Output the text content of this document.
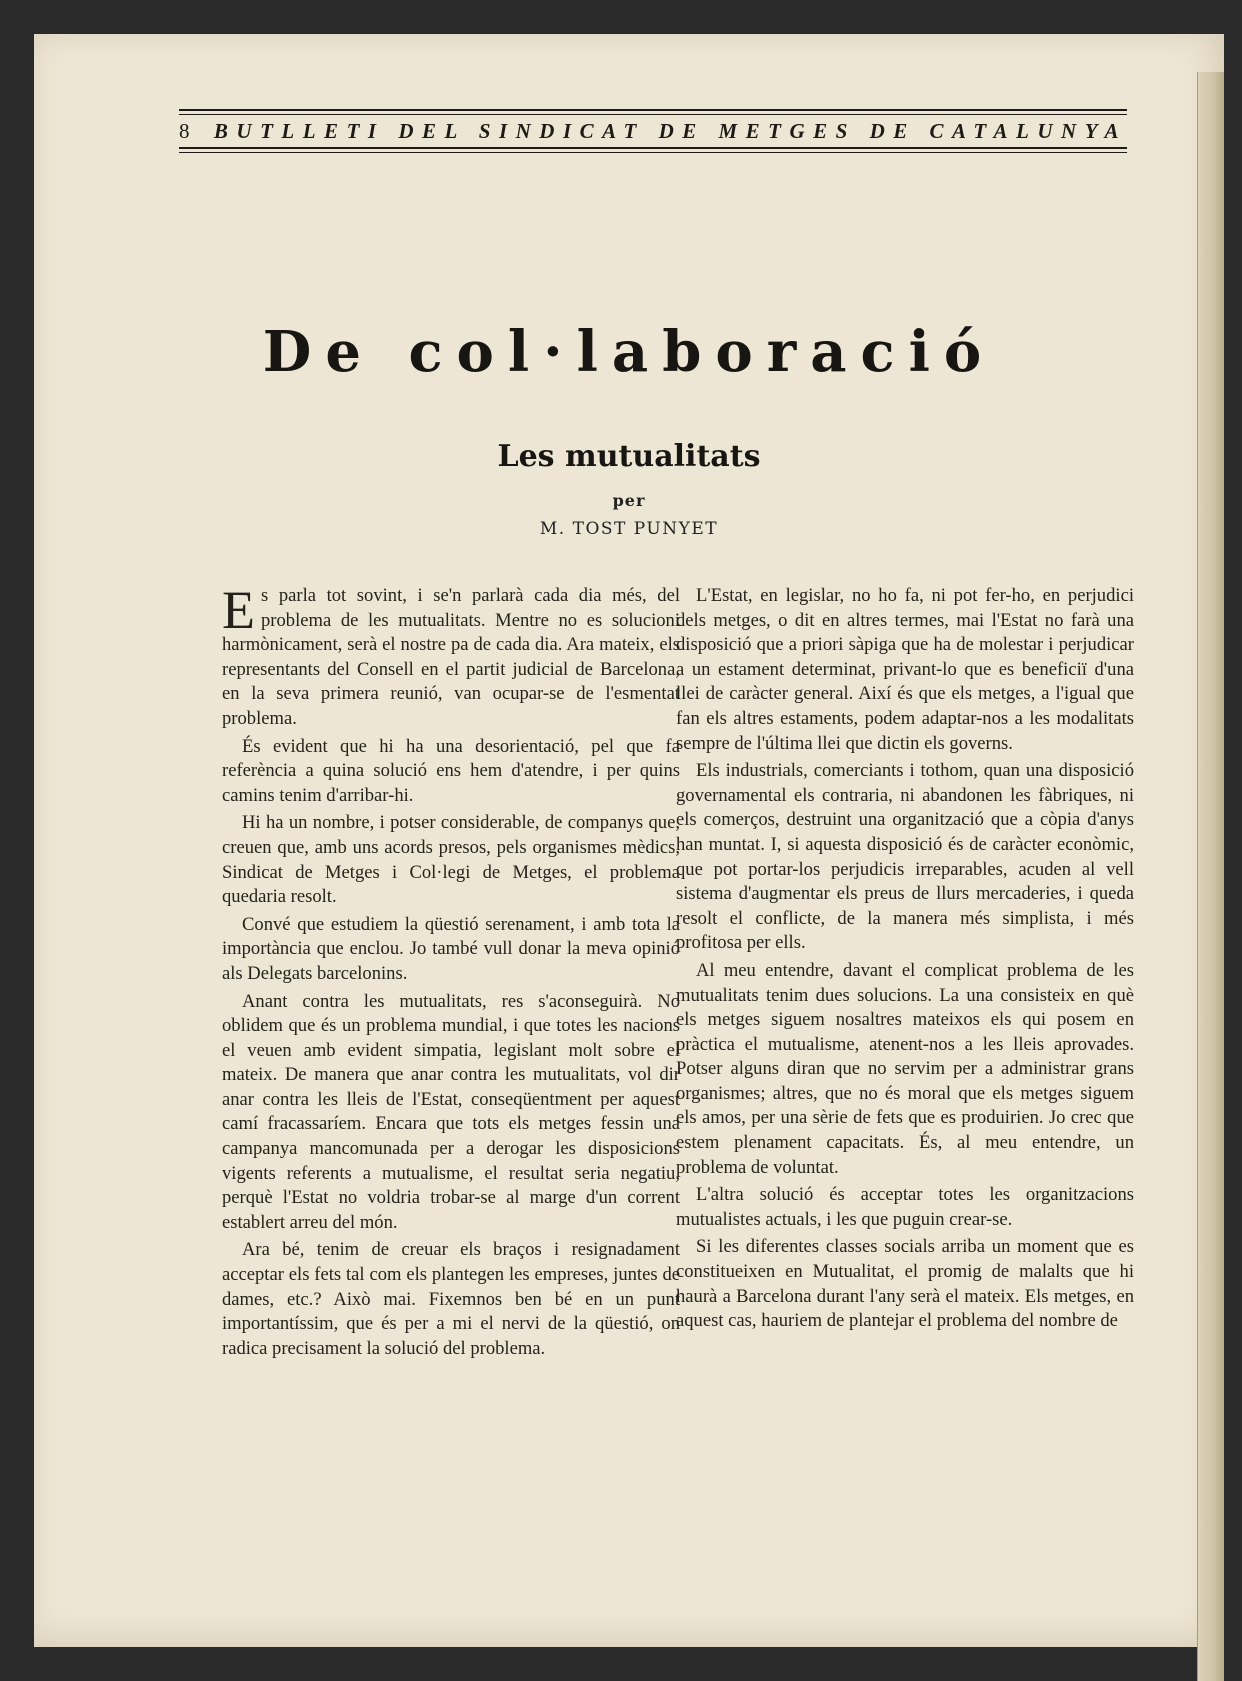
8	BUTLLETI DEL SINDICAT DE METGES DE CATALUNYA
De col·laboració
Les mutualitats
per
M. TOST PUNYET

Es parla tot sovint, i se'n parlarà cada dia més, del problema de les mutualitats. Mentre no es solucioni harmònicament, serà el nostre pa de cada dia. Ara mateix, els representants del Consell en el partit judicial de Barcelona, en la seva primera reunió, van ocupar-se de l'esmentat problema.

És evident que hi ha una desorientació, pel que fa referència a quina solució ens hem d'atendre, i per quins camins tenim d'arribar-hi.

Hi ha un nombre, i potser considerable, de companys que, creuen que, amb uns acords presos, pels organismes mèdics, Sindicat de Metges i Col·legi de Metges, el problema quedaria resolt.

Convé que estudiem la qüestió serenament, i amb tota la importància que enclou. Jo també vull donar la meva opinió als Delegats barcelonins.

Anant contra les mutualitats, res s'aconseguirà. No oblidem que és un problema mundial, i que totes les nacions el veuen amb evident simpatia, legislant molt sobre el mateix. De manera que anar contra les mutualitats, vol dir anar contra les lleis de l'Estat, conseqüentment per aquest camí fracassaríem. Encara que tots els metges fessin una campanya mancomunada per a derogar les disposicions vigents referents a mutualisme, el resultat seria negatiu, perquè l'Estat no voldria trobar-se al marge d'un corrent establert arreu del món.

Ara bé, tenim de creuar els braços i resignadament acceptar els fets tal com els plantegen les empreses, juntes de dames, etc.? Això mai. Fixemnos ben bé en un punt importantíssim, que és per a mi el nervi de la qüestió, on radica precisament la solució del problema.

L'Estat, en legislar, no ho fa, ni pot fer-ho, en perjudici dels metges, o dit en altres termes, mai l'Estat no farà una disposició que a priori sàpiga que ha de molestar i perjudicar a un estament determinat, privant-lo que es beneficiï d'una llei de caràcter general. Així és que els metges, a l'igual que fan els altres estaments, podem adaptar-nos a les modalitats sempre de l'última llei que dictin els governs.

Els industrials, comerciants i tothom, quan una disposició governamental els contraria, ni abandonen les fàbriques, ni els comerços, destruint una organització que a còpia d'anys han muntat. I, si aquesta disposició és de caràcter econòmic, que pot portar-los perjudicis irreparables, acuden al vell sistema d'augmentar els preus de llurs mercaderies, i queda resolt el conflicte, de la manera més simplista, i més profitosa per ells.

Al meu entendre, davant el complicat problema de les mutualitats tenim dues solucions. La una consisteix en què els metges siguem nosaltres mateixos els qui posem en pràctica el mutualisme, atenent-nos a les lleis aprovades. Potser alguns diran que no servim per a administrar grans organismes; altres, que no és moral que els metges siguem els amos, per una sèrie de fets que es produirien. Jo crec que estem plenament capacitats. És, al meu entendre, un problema de voluntat.

L'altra solució és acceptar totes les organitzacions mutualistes actuals, i les que puguin crear-se.

Si les diferentes classes socials arriba un moment que es constitueixen en Mutualitat, el promig de malalts que hi haurà a Barcelona durant l'any serà el mateix. Els metges, en aquest cas, hauriem de plantejar el problema del nombre de
